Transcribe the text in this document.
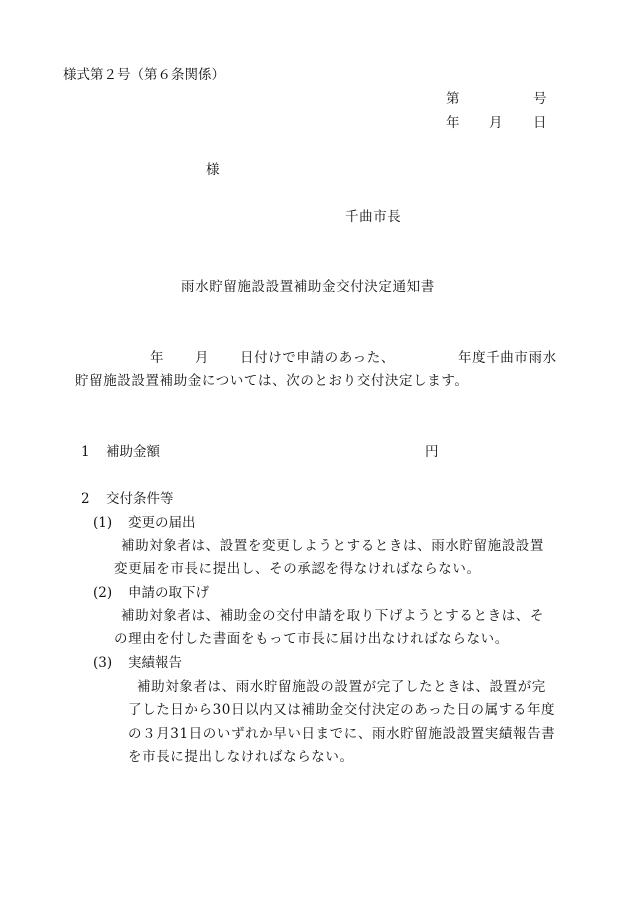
様式第２号（第６条関係）
第	号
年 月 日
様
千曲市長
雨水貯留施設設置補助金交付決定通知書
年 月 日付けで申請のあった、	年度千曲市雨水
貯留施設設置補助金については、次のとおり交付決定します。
1 補助金額	円
2 交付条件等
(1) 変更の届出
補助対象者は、設置を変更しようとするときは、雨水貯留施設設置
変更届を市長に提出し、その承認を得なければならない。
(2) 申請の取下げ
補助対象者は、補助金の交付申請を取り下げようとするときは、そ
の理由を付した書面をもって市長に届け出なければならない。
(3) 実績報告
補助対象者は、雨水貯留施設の設置が完了したときは、設置が完
了した日から30日以内又は補助金交付決定のあった日の属する年度
の３月31日のいずれか早い日までに、雨水貯留施設設置実績報告書
を市長に提出しなければならない。
